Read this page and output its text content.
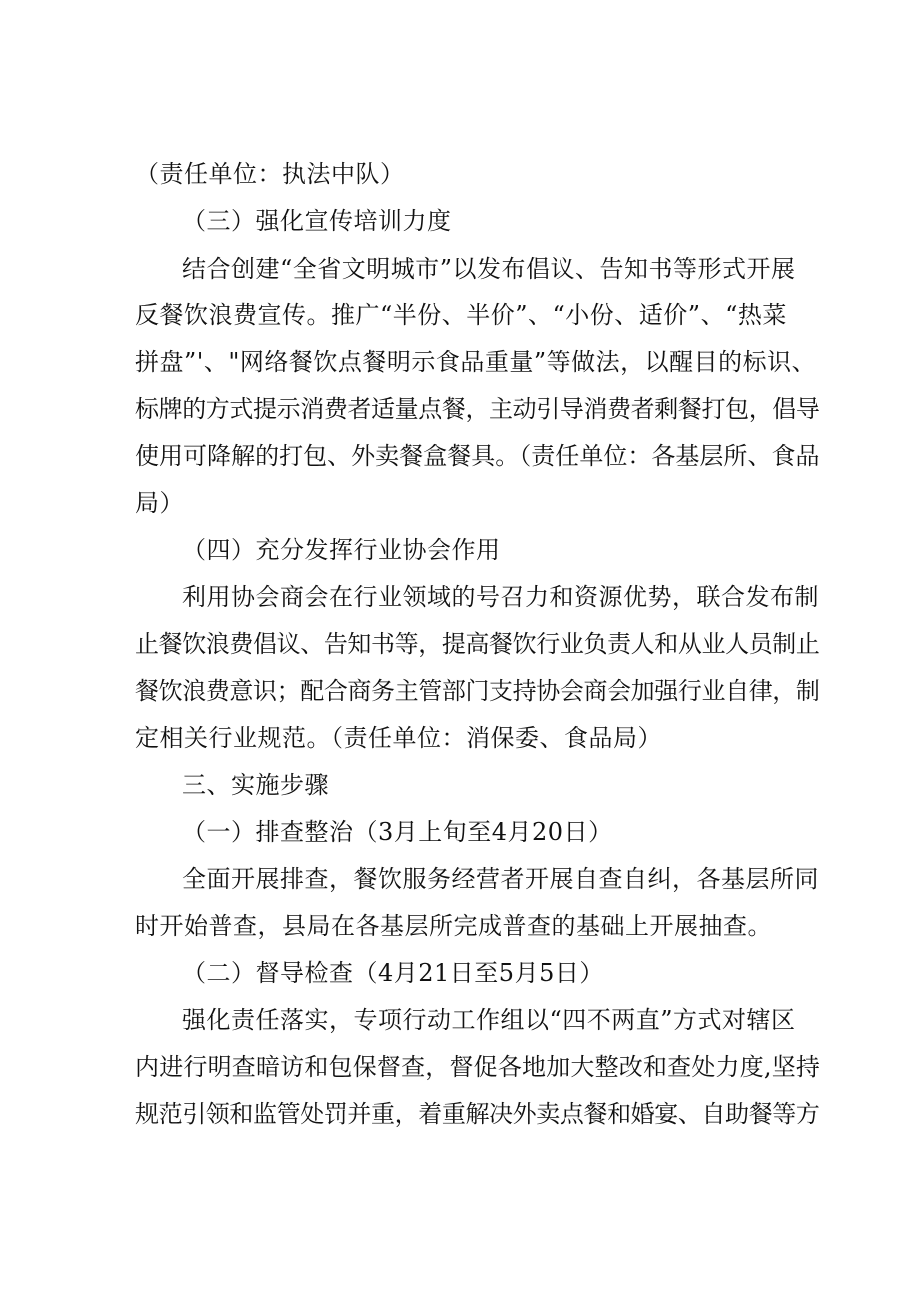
（责任单位：执法中队）
（三）强化宣传培训力度
结合创建“全省文明城市”以发布倡议、告知书等形式开展
反餐饮浪费宣传。推广“半份、半价”、“小份、适价”、“热菜
拼盘”'、"网络餐饮点餐明示食品重量”等做法，以醒目的标识、
标牌的方式提示消费者适量点餐，主动引导消费者剩餐打包，倡导
使用可降解的打包、外卖餐盒餐具。（责任单位：各基层所、食品
局）
（四）充分发挥行业协会作用
利用协会商会在行业领域的号召力和资源优势，联合发布制
止餐饮浪费倡议、告知书等，提高餐饮行业负责人和从业人员制止
餐饮浪费意识；配合商务主管部门支持协会商会加强行业自律，制
定相关行业规范。（责任单位：消保委、食品局）
三、实施步骤
（一）排查整治（3月上旬至4月20日）
全面开展排查，餐饮服务经营者开展自查自纠，各基层所同
时开始普查，县局在各基层所完成普查的基础上开展抽查。
（二）督导检查（4月21日至5月5日）
强化责任落实，专项行动工作组以“四不两直”方式对辖区
内进行明查暗访和包保督查，督促各地加大整改和查处力度,坚持
规范引领和监管处罚并重，着重解决外卖点餐和婚宴、自助餐等方
